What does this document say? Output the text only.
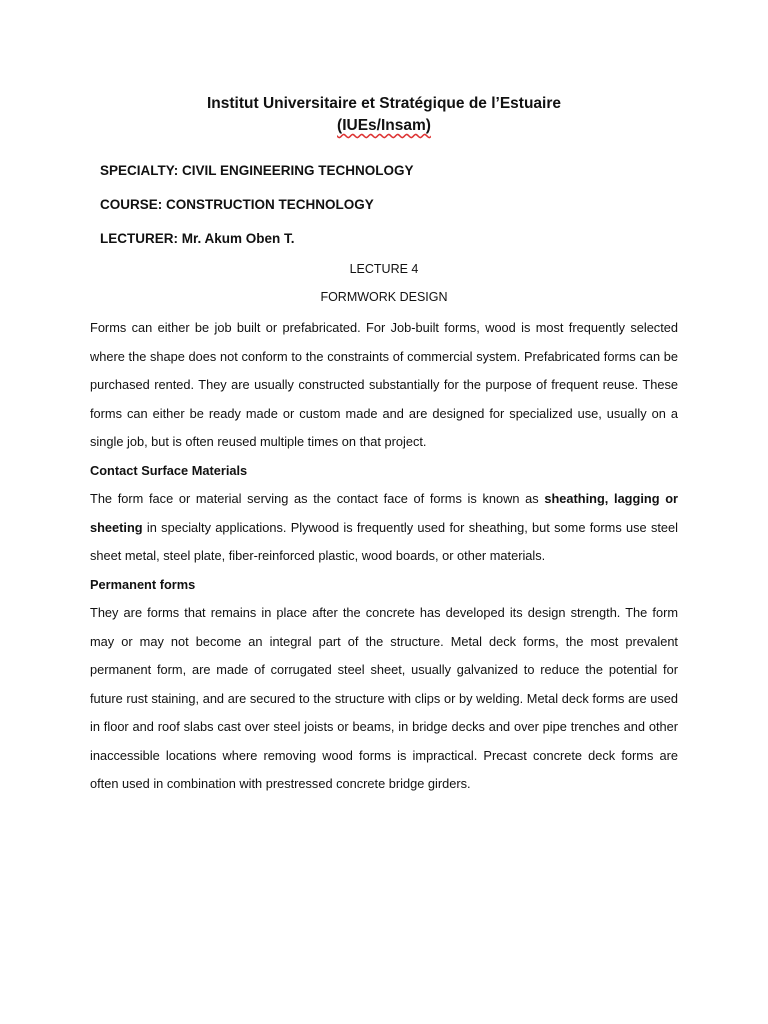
Institut Universitaire et Stratégique de l’Estuaire
(IUEs/Insam)
SPECIALTY: CIVIL ENGINEERING TECHNOLOGY
COURSE: CONSTRUCTION TECHNOLOGY
LECTURER: Mr. Akum Oben T.
LECTURE 4
FORMWORK DESIGN

Forms can either be job built or prefabricated. For Job-built forms, wood is most frequently selected where the shape does not conform to the constraints of commercial system. Prefabricated forms can be purchased rented. They are usually constructed substantially for the purpose of frequent reuse. These forms can either be ready made or custom made and are designed for specialized use, usually on a single job, but is often reused multiple times on that project.

Contact Surface Materials

The form face or material serving as the contact face of forms is known as sheathing, lagging or sheeting in specialty applications. Plywood is frequently used for sheathing, but some forms use steel sheet metal, steel plate, fiber-reinforced plastic, wood boards, or other materials.

Permanent forms

They are forms that remains in place after the concrete has developed its design strength. The form may or may not become an integral part of the structure. Metal deck forms, the most prevalent permanent form, are made of corrugated steel sheet, usually galvanized to reduce the potential for future rust staining, and are secured to the structure with clips or by welding. Metal deck forms are used in floor and roof slabs cast over steel joists or beams, in bridge decks and over pipe trenches and other inaccessible locations where removing wood forms is impractical. Precast concrete deck forms are often used in combination with prestressed concrete bridge girders.
